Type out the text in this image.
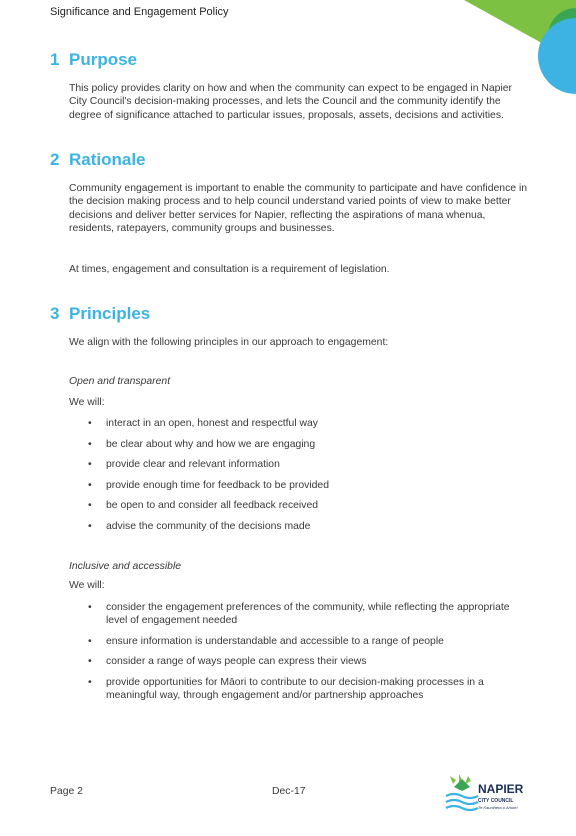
Significance and Engagement Policy
1 Purpose

This policy provides clarity on how and when the community can expect to be engaged in Napier City Council's decision-making processes, and lets the Council and the community identify the degree of significance attached to particular issues, proposals, assets, decisions and activities.

2 Rationale

Community engagement is important to enable the community to participate and have confidence in the decision making process and to help council understand varied points of view to make better decisions and deliver better services for Napier, reflecting the aspirations of mana whenua, residents, ratepayers, community groups and businesses.

At times, engagement and consultation is a requirement of legislation.

3 Principles

We align with the following principles in our approach to engagement:

Open and transparent

We will:

• interact in an open, honest and respectful way
• be clear about why and how we are engaging
• provide clear and relevant information
• provide enough time for feedback to be provided
• be open to and consider all feedback received
• advise the community of the decisions made

Inclusive and accessible

We will:

• consider the engagement preferences of the community, while reflecting the appropriate level of engagement needed
• ensure information is understandable and accessible to a range of people
• consider a range of ways people can express their views
• provide opportunities for Māori to contribute to our decision-making processes in a meaningful way, through engagement and/or partnership approaches
Page 2	Dec-17	NAPIER
CITY COUNCIL
Te Kaunihera o Ahuriri
